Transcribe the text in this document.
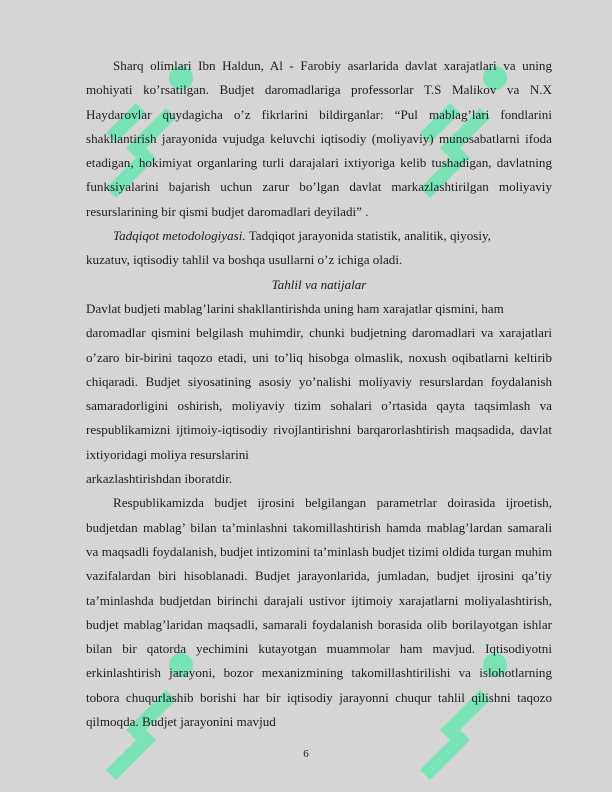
Sharq olimlari Ibn Haldun, Al - Farobiy asarlarida davlat xarajatlari va uning mohiyati ko’rsatilgan. Budjet daromadlariga professorlar T.S Malikov va N.X Haydarovlar quydagicha o’z fikrlarini bildirganlar: “Pul mablag’lari fondlarini shakllantirish jarayonida vujudga keluvchi iqtisodiy (moliyaviy) munosabatlarni ifoda etadigan, hokimiyat organlaring turli darajalari ixtiyoriga kelib tushadigan, davlatning funksiyalarini bajarish uchun zarur bo’lgan davlat markazlashtirilgan moliyaviy resurslarining bir qismi budjet daromadlari deyiladi” .

Tadqiqot metodologiyasi. Tadqiqot jarayonida statistik, analitik, qiyosiy,

kuzatuv, iqtisodiy tahlil va boshqa usullarni o’z ichiga oladi.

Tahlil va natijalar

Davlat budjeti mablag’larini shakllantirishda uning ham xarajatlar qismini, ham

daromadlar qismini belgilash muhimdir, chunki budjetning daromadlari va xarajatlari o’zaro bir-birini taqozo etadi, uni to’liq hisobga olmaslik, noxush oqibatlarni keltirib chiqaradi. Budjet siyosatining asosiy yo’nalishi moliyaviy resurslardan foydalanish samaradorligini oshirish, moliyaviy tizim sohalari o’rtasida qayta taqsimlash va respublikamizni ijtimoiy-iqtisodiy rivojlantirishni barqarorlashtirish maqsadida, davlat ixtiyoridagi moliya resurslarini

arkazlashtirishdan iboratdir.

Respublikamizda budjet ijrosini belgilangan parametrlar doirasida ijroetish, budjetdan mablag’ bilan ta’minlashni takomillashtirish hamda mablag’lardan samarali va maqsadli foydalanish, budjet intizomini ta’minlash budjet tizimi oldida turgan muhim vazifalardan biri hisoblanadi. Budjet jarayonlarida, jumladan, budjet ijrosini qa’tiy ta’minlashda budjetdan birinchi darajali ustivor ijtimoiy xarajatlarni moliyalashtirish, budjet mablag’laridan maqsadli, samarali foydalanish borasida olib borilayotgan ishlar bilan bir qatorda yechimini kutayotgan muammolar ham mavjud. Iqtisodiyotni erkinlashtirish jarayoni, bozor mexanizmining takomillashtirilishi va islohotlarning tobora chuqurlashib borishi har bir iqtisodiy jarayonni chuqur tahlil qilishni taqozo qilmoqda. Budjet jarayonini mavjud

6
